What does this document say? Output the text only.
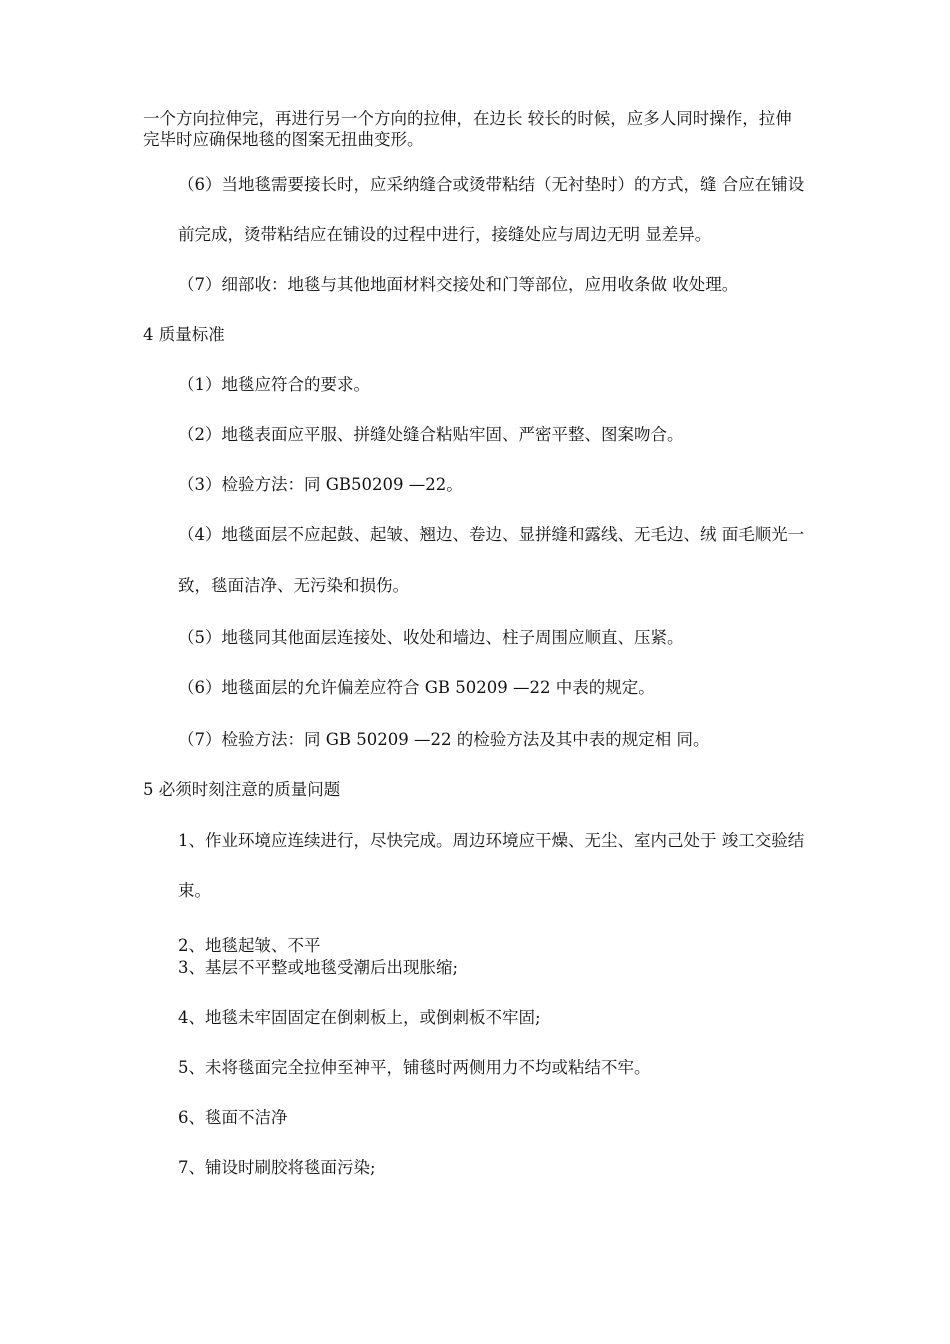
一个方向拉伸完，再进行另一个方向的拉伸，在边长 较长的时候，应多人同时操作，拉伸
完毕时应确保地毯的图案无扭曲变形。
（6）当地毯需要接长时，应采纳缝合或烫带粘结（无衬垫时）的方式，缝 合应在铺设
前完成，烫带粘结应在铺设的过程中进行，接缝处应与周边无明 显差异。
（7）细部收：地毯与其他地面材料交接处和门等部位，应用收条做 收处理。
4 质量标准
（1）地毯应符合的要求。
（2）地毯表面应平服、拼缝处缝合粘贴牢固、严密平整、图案吻合。
（3）检验方法：同 GB50209 —22。
（4）地毯面层不应起鼓、起皱、翘边、卷边、显拼缝和露线、无毛边、绒 面毛顺光一
致，毯面洁净、无污染和损伤。
（5）地毯同其他面层连接处、收处和墙边、柱子周围应顺直、压紧。
（6）地毯面层的允许偏差应符合 GB 50209 —22 中表的规定。
（7）检验方法：同 GB 50209 —22 的检验方法及其中表的规定相 同。
5 必须时刻注意的质量问题
1、作业环境应连续进行，尽快完成。周边环境应干燥、无尘、室内己处于 竣工交验结
束。
2、地毯起皱、不平
3、基层不平整或地毯受潮后出现胀缩;
4、地毯未牢固固定在倒刺板上，或倒刺板不牢固;
5、未将毯面完全拉伸至神平，铺毯时两侧用力不均或粘结不牢。
6、毯面不洁净
7、铺设时刷胶将毯面污染;
